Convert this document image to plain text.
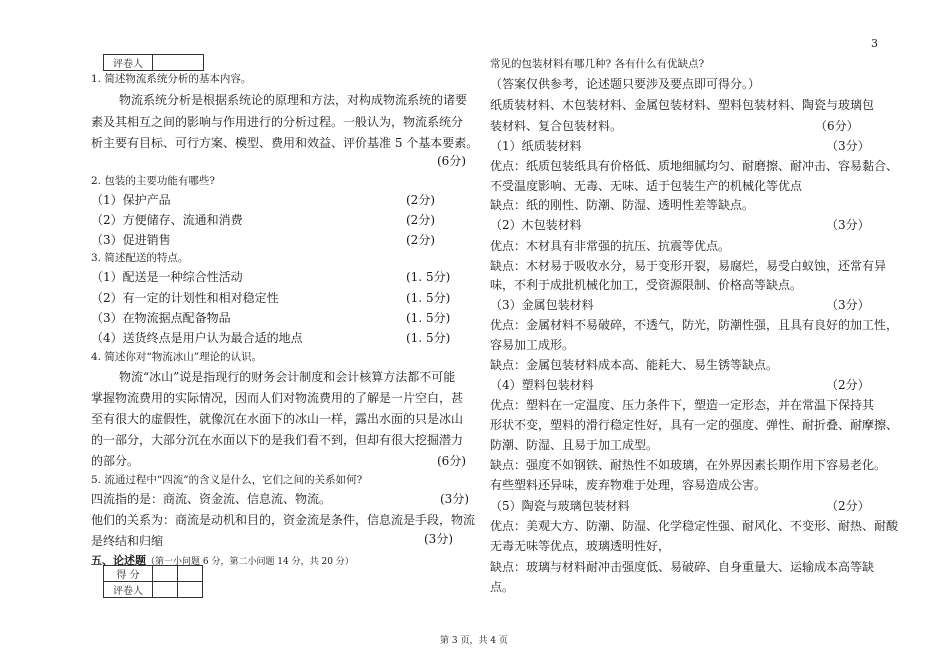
3
评卷人	
1. 简述物流系统分析的基本内容。
物流系统分析是根据系统论的原理和方法，对构成物流系统的诸要
素及其相互之间的影响与作用进行的分析过程。一般认为，物流系统分
析主要有目标、可行方案、模型、费用和效益、评价基准 5 个基本要素。
(6分)
2. 包装的主要功能有哪些?
（1）保护产品	(2分)
（2）方便储存、流通和消费	(2分)
（3）促进销售	(2分)
3. 简述配送的特点。
（1）配送是一种综合性活动	(1. 5分)
（2）有一定的计划性和相对稳定性	(1. 5分)
（3）在物流据点配备物品	(1. 5分)
（4）送货终点是用户认为最合适的地点	(1. 5分)
4. 简述你对“物流冰山”理论的认识。
物流“冰山”说是指现行的财务会计制度和会计核算方法都不可能
掌握物流费用的实际情况，因而人们对物流费用的了解是一片空白，甚
至有很大的虚假性，就像沉在水面下的冰山一样，露出水面的只是冰山
的一部分，大部分沉在水面以下的是我们看不到，但却有很大挖掘潜力
的部分。	(6分)
5. 流通过程中“四流”的含义是什么，它们之间的关系如何?
四流指的是：商流、资金流、信息流、物流。	(3分)
他们的关系为：商流是动机和目的，资金流是条件，信息流是手段，物流
是终结和归缩	(3分)
五、论述题（第一小问题 6 分，第二小问题 14 分，共 20 分）
得 分		
评卷人		
常见的包装材料有哪几种? 各有什么有优缺点?
（答案仅供参考，论述题只要涉及要点即可得分。）
纸质装材料、木包装材料、金属包装材料、塑料包装材料、陶瓷与玻璃包
装材料、复合包装材料。	（6分）
（1）纸质装材料	（3分）
优点：纸质包装纸具有价格低、质地细腻均匀、耐磨擦、耐冲击、容易黏合、
不受温度影响、无毒、无味、适于包装生产的机械化等优点
缺点：纸的刚性、防潮、防湿、透明性差等缺点。
（2）木包装材料	（3分）
优点：木材具有非常强的抗压、抗震等优点。
缺点：木材易于吸收水分，易于变形开裂，易腐烂，易受白蚁蚀，还常有异
味，不利于成批机械化加工，受资源限制、价格高等缺点。
（3）金属包装材料	（3分）
优点：金属材料不易破碎，不透气，防光，防潮性强，且具有良好的加工性，
容易加工成形。
缺点：金属包装材料成本高、能耗大、易生锈等缺点。
（4）塑料包装材料	（2分）
优点：塑料在一定温度、压力条件下，塑造一定形态，并在常温下保持其
形状不变，塑料的滑行稳定性好，具有一定的强度、弹性、耐折叠、耐摩擦、
防潮、防湿、且易于加工成型。
缺点：强度不如钢铁、耐热性不如玻璃，在外界因素长期作用下容易老化。
有些塑料还异味，废弃物难于处理，容易造成公害。
（5）陶瓷与玻璃包装材料	（2分）
优点：美观大方、防潮、防湿、化学稳定性强、耐风化、不变形、耐热、耐酸
无毒无味等优点，玻璃透明性好，
缺点：玻璃与材料耐冲击强度低、易破碎、自身重量大、运输成本高等缺
点。
第 3 页，共 4 页
